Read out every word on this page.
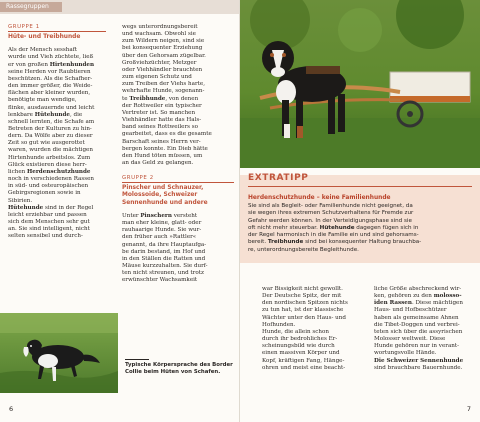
Rassegruppen
GRUPPE 1
Hüte- und Treibhunde

Als der Mensch sesshaft

wurde und Vieh züchtete, ließ

er von großen Hirtenhunden

seine Herden vor Raubtieren

beschützen. Als die Schafher-

den immer größer, die Weide-

flächen aber kleiner wurden,

benötigte man wendige,

flinke, ausdauernde und leicht

lenkbare Hütehunde, die

schnell lernten, die Schafe am

Betreten der Kulturen zu hin-

dern. Da Wölfe aber zu dieser

Zeit so gut wie ausgerottet

waren, wurden die mächtigen

Hirtenhunde arbeitslos. Zum

Glück existieren diese herr-

lichen Herdenschutzhunde

noch in verschiedenen Rassen

in süd- und osteuropäischen

Gebirgsregionen sowie in

Sibirien.

Hütehunde sind in der Regel

leicht erziehbar und passen

sich dem Menschen sehr gut

an. Sie sind intelligent, nicht

selten sensibel und durch-

wegs unterordnungsbereit

und wachsam. Obwohl sie

zum Wildern neigen, sind sie

bei konsequenter Erziehung

über den Gehorsam zügelbar.

Großviehzüchter, Metzger

oder Viehhändler brauchten

zum eigenen Schutz und

zum Treiben der Viehs harte,

wehrhafte Hunde, sogenann-

te Treibhunde, von denen

der Rottweiler ein typischer

Vertreter ist. So manchen

Viehhändler hatte das Hals-

band seines Rottweilers so

gearbeitet, dass es die gesamte

Barschaft seines Herrn ver-

bergen konnte. Ein Dieb hätte

den Hund töten müssen, um

an das Geld zu gelangen.

GRUPPE 2
Pinscher und Schnauzer, Molossoide, Schweizer Sennenhunde und andere

Unter Pinschern versteht

man eher kleine, glatt- oder

rauhaarige Hunde. Sie wur-

den früher auch »Rattler«

genannt, da ihre Hauptaufga-

be darin bestand, im Hof und

in den Ställen die Ratten und

Mäuse kurzzuhalten. Sie durf-

ten nicht streunen, und trotz

erwünschter Wachsamkeit

Typische Körpersprache des Border Collie beim Hüten von Schafen.
6
EXTRATIPP
Herdenschutzhunde – keine Familienhunde

Sie sind als Begleit- oder Familienhunde nicht geeignet, da

sie wegen ihres extremen Schutzverhaltens für Fremde zur

Gefahr werden können. In der Verteidigungsphase sind sie

oft nicht mehr steuerbar. Hütehunde dagegen fügen sich in

der Regel harmonisch in die Familie ein und sind gehorsams-

bereit. Treibhunde sind bei konsequenter Haltung brauchba-

re, unterordnungsbereite Begleithunde.

war Bissigkeit nicht gewollt.

Der Deutsche Spitz, der mit

den nordischen Spitzen nichts

zu tun hat, ist der klassische

Wächter unter den Haus- und

Hofhunden.

Hunde, die allein schon

durch ihr bedrohliches Er-

scheinungsbild wie durch

einen massiven Körper und

Kopf, kräftigen Fang, Hänge-

ohren und meist eine beacht-

liche Größe abschreckend wir-

ken, gehören zu den molosso-

iden Rassen. Diese mächtigen

Haus- und Hofbeschützer

haben als gemeinsame Ahnen

die Tibet-Doggen und verbrei-

teten sich über die assyrischen

Molosser weltweit. Diese

Hunde gehören nur in verant-

wortungsvolle Hände.

Die Schweizer Sennenhunde

sind brauchbare Bauernhunde.

7
